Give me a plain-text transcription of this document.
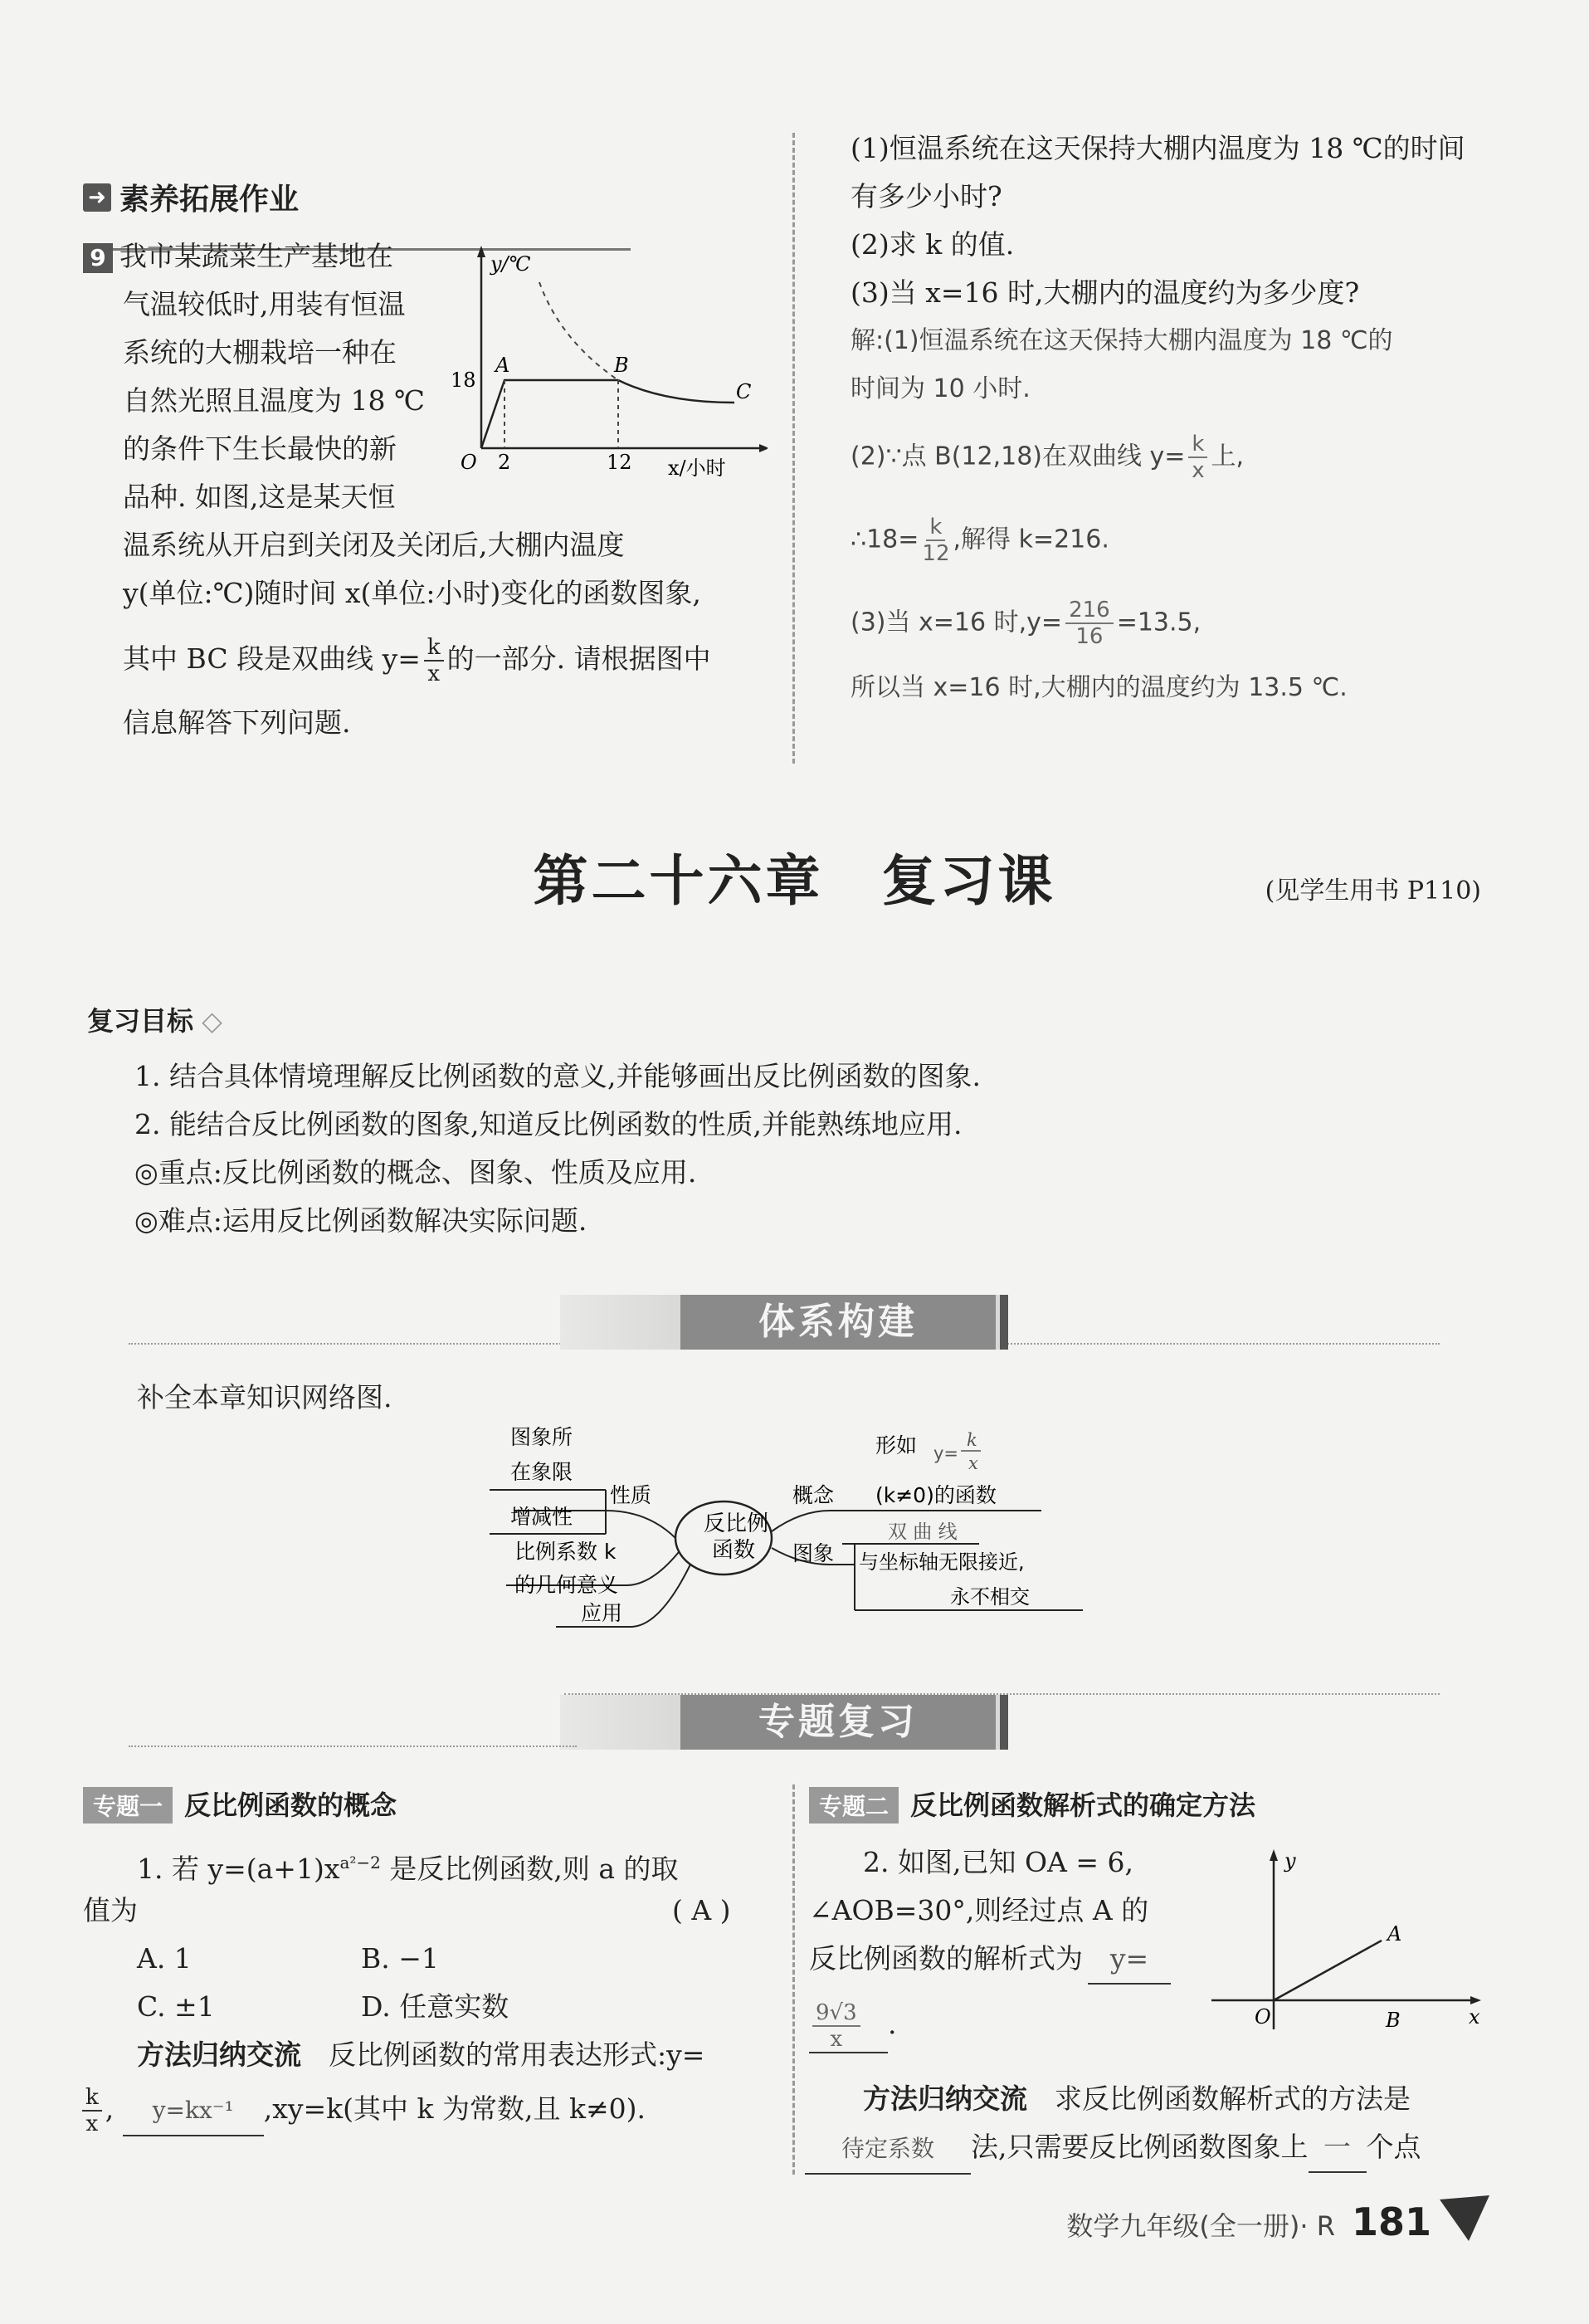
➜ 素养拓展作业
9 我市某蔬菜生产基地在
气温较低时,用装有恒温
系统的大棚栽培一种在
自然光照且温度为 18 ℃
的条件下生长最快的新
品种. 如图,这是某天恒
温系统从开启到关闭及关闭后,大棚内温度
y(单位:℃)随时间 x(单位:小时)变化的函数图象,
其中 BC 段是双曲线 $y= \frac{k}{x}$ 的一部分. 请根据图中
信息解答下列问题.
y/℃
18
A	B
C
O 2	12 x/小时
(1)恒温系统在这天保持大棚内温度为 18 ℃的时间
有多少小时?
(2)求 k 的值.
(3)当 x=16 时,大棚内的温度约为多少度?
解:(1)恒温系统在这天保持大棚内温度为 18 ℃的
时间为 10 小时.
(2)∵点 B(12,18)在双曲线 $y= \frac{k}{x}$ 上,
∴18= $\frac{k}{12}$ ,解得 k=216.
(3)当 x=16 时$,y= \frac{216}{16} =13.5$,
所以当 x=16 时,大棚内的温度约为 13.5 ℃.
第二十六章　复习课	(见学生用书 P110)
复习目标 ◇
1. 结合具体情境理解反比例函数的意义,并能够画出反比例函数的图象.
2. 能结合反比例函数的图象,知道反比例函数的性质,并能熟练地应用.
◎重点:反比例函数的概念、图象、性质及应用.
◎难点:运用反比例函数解决实际问题.
体系构建
补全本章知识网络图.
反比例
函数
图象所
在象限
性质
增减性
比例系数 k
的几何意义
应用
形如 y=
k
x
概念 (k≠0)的函数
双 曲 线
图象 与坐标轴无限接近,
永不相交
专题复习
专题一 反比例函数的概念
1. 若 $y=(a+1)x^{a^2-2}$ 是反比例函数,则 a 的取
值为	( A )
A. 1	B. −1
C. ±1	D. 任意实数
方法归纳交流　 反比例函数的常用表达形式:y=
$\frac{k}{x}$ , y=kx⁻¹ ,xy=k(其中 k 为常数,且 k≠0).
专题二 反比例函数解析式的确定方法
2. 如图,已知 OA = 6,
∠AOB=30°,则经过点 A 的
反比例函数的解析式为 y=
$\frac{9√3}{x}$ .
y
x
O
A
B
方法归纳交流　 求反比例函数解析式的方法是
待定系数 法,只需要反比例函数图象上 一 个点
数学九年级(全一册)· R 181
